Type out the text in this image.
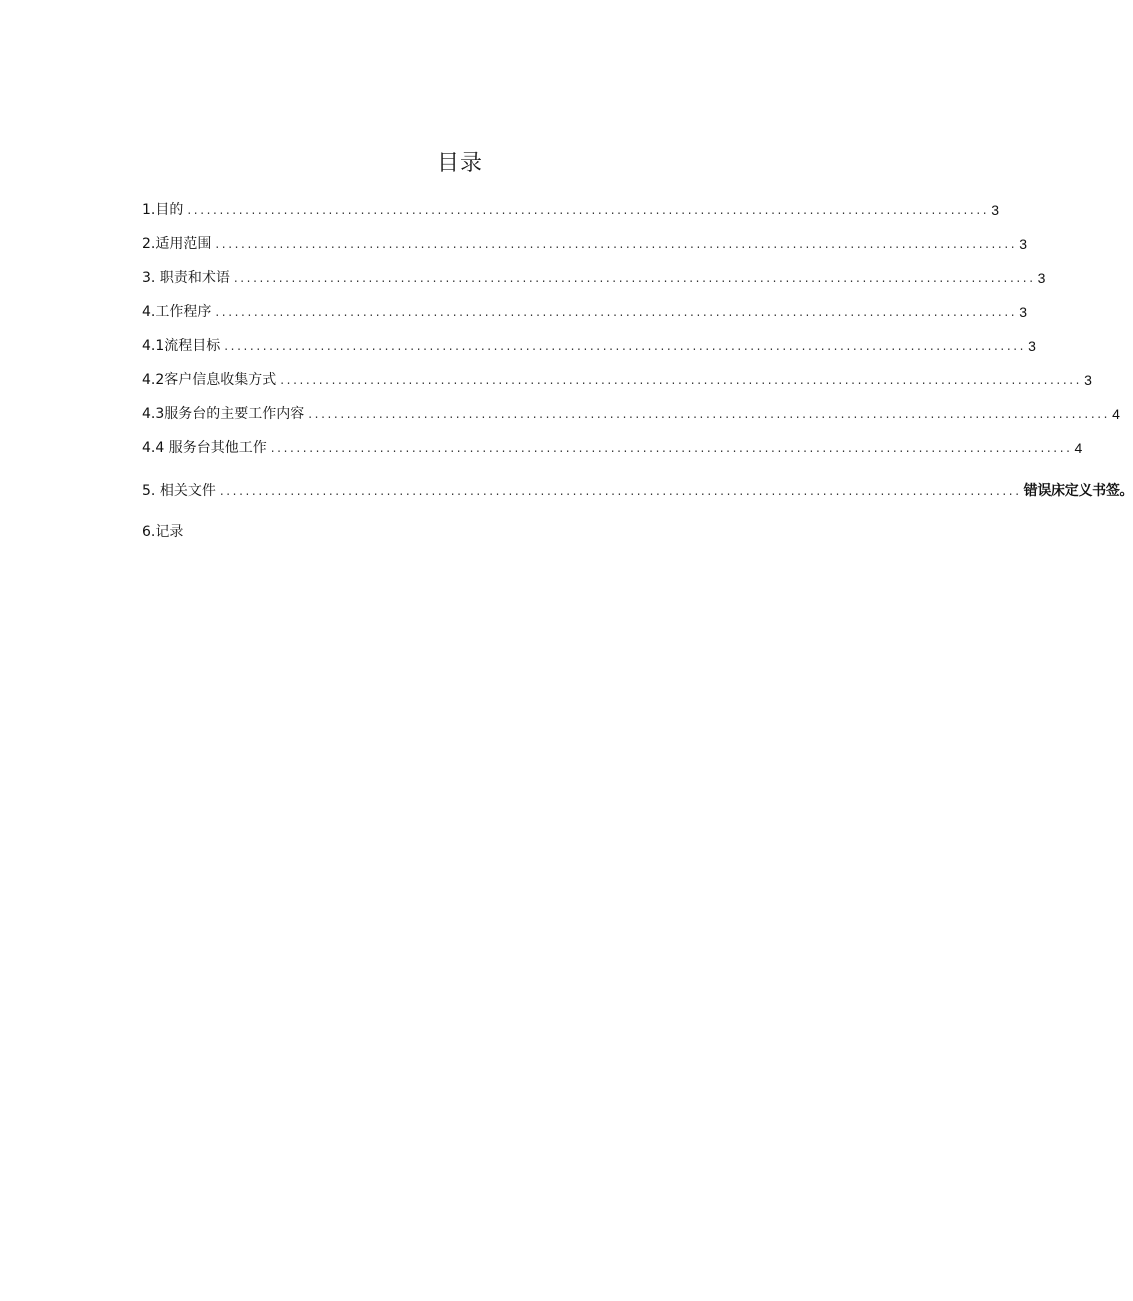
目录
1 .目的 ............................................................................................................................. 3
2 .适用范围 ............................................................................................................................. 3
3 . 职责和术语 ............................................................................................................................. 3
4 .工作程序 ............................................................................................................................. 3
4.1 流程目标 ............................................................................................................................. 3
4.2 客户信息收集方式 ............................................................................................................................. 3
4.3 服务台的主要工作内容 ............................................................................................................................. 4
4 .4 服务台其他工作 ............................................................................................................................. 4
5 . 相关文件 ............................................................................................................................. 错误床定义书签。
6.记录
